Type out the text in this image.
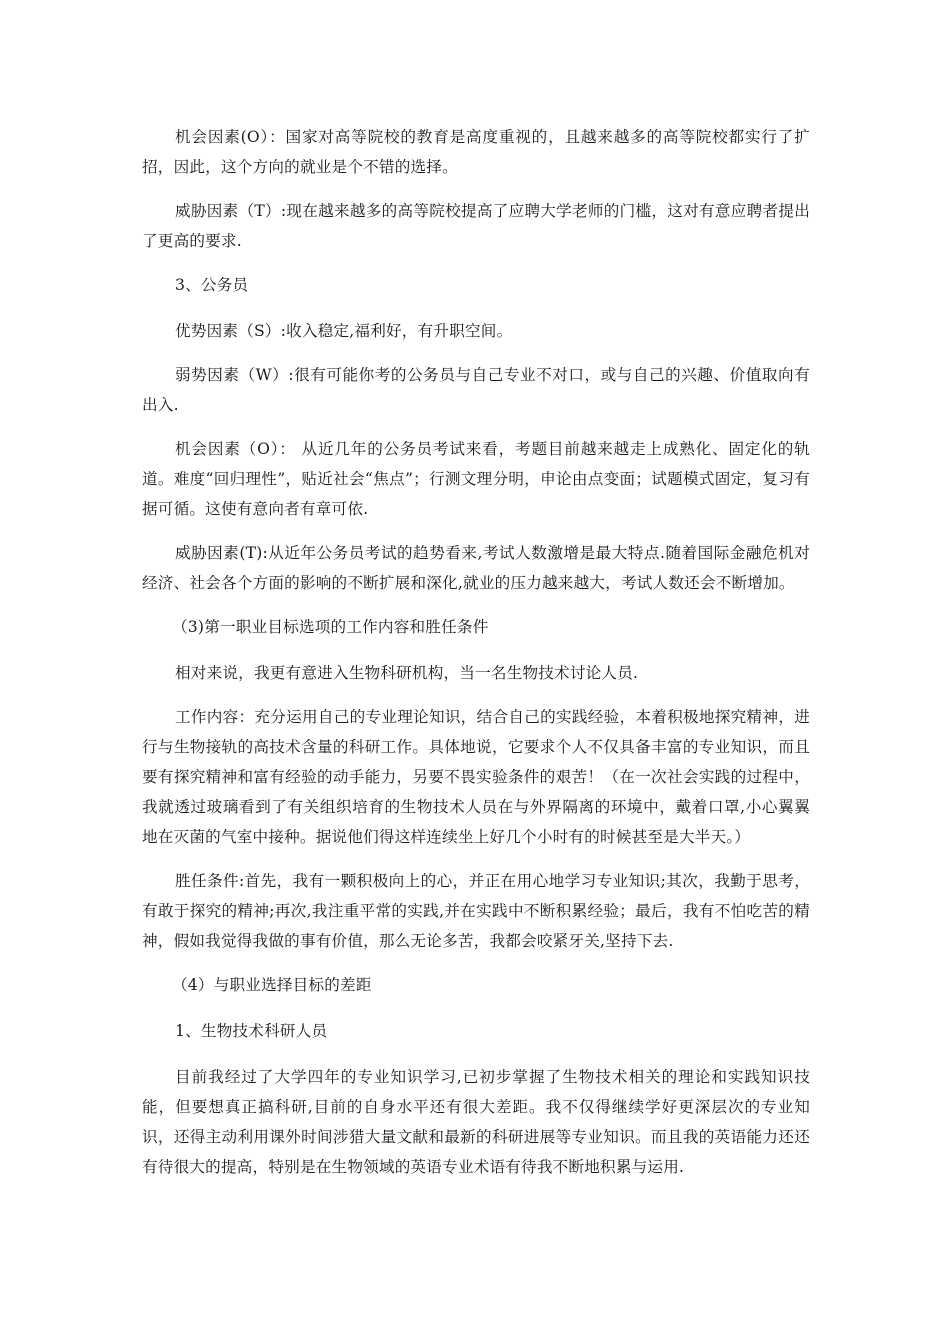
机会因素(O）：国家对高等院校的教育是高度重视的，且越来越多的高等院校都实行了扩招，因此，这个方向的就业是个不错的选择。

威胁因素（T）:现在越来越多的高等院校提高了应聘大学老师的门槛，这对有意应聘者提出了更高的要求.

3、公务员

优势因素（S）:收入稳定,福利好，有升职空间。

弱势因素（W）:很有可能你考的公务员与自己专业不对口，或与自己的兴趣、价值取向有出入.

机会因素（O）： 从近几年的公务员考试来看，考题目前越来越走上成熟化、固定化的轨道。难度“回归理性”，贴近社会“焦点”；行测文理分明，申论由点变面；试题模式固定，复习有据可循。这使有意向者有章可依.

威胁因素(T):从近年公务员考试的趋势看来,考试人数激增是最大特点.随着国际金融危机对经济、社会各个方面的影响的不断扩展和深化,就业的压力越来越大，考试人数还会不断增加。

（3)第一职业目标选项的工作内容和胜任条件

相对来说，我更有意进入生物科研机构，当一名生物技术讨论人员.

工作内容：充分运用自己的专业理论知识，结合自己的实践经验，本着积极地探究精神，进行与生物接轨的高技术含量的科研工作。具体地说，它要求个人不仅具备丰富的专业知识，而且要有探究精神和富有经验的动手能力，另要不畏实验条件的艰苦！（在一次社会实践的过程中，我就透过玻璃看到了有关组织培育的生物技术人员在与外界隔离的环境中，戴着口罩,小心翼翼地在灭菌的气室中接种。据说他们得这样连续坐上好几个小时有的时候甚至是大半天。）

胜任条件:首先，我有一颗积极向上的心，并正在用心地学习专业知识;其次，我勤于思考，有敢于探究的精神;再次,我注重平常的实践,并在实践中不断积累经验；最后，我有不怕吃苦的精神，假如我觉得我做的事有价值，那么无论多苦，我都会咬紧牙关,坚持下去.

（4）与职业选择目标的差距

1、生物技术科研人员

目前我经过了大学四年的专业知识学习,已初步掌握了生物技术相关的理论和实践知识技能，但要想真正搞科研,目前的自身水平还有很大差距。我不仅得继续学好更深层次的专业知识，还得主动利用课外时间涉猎大量文献和最新的科研进展等专业知识。而且我的英语能力还还有待很大的提高，特别是在生物领域的英语专业术语有待我不断地积累与运用.
